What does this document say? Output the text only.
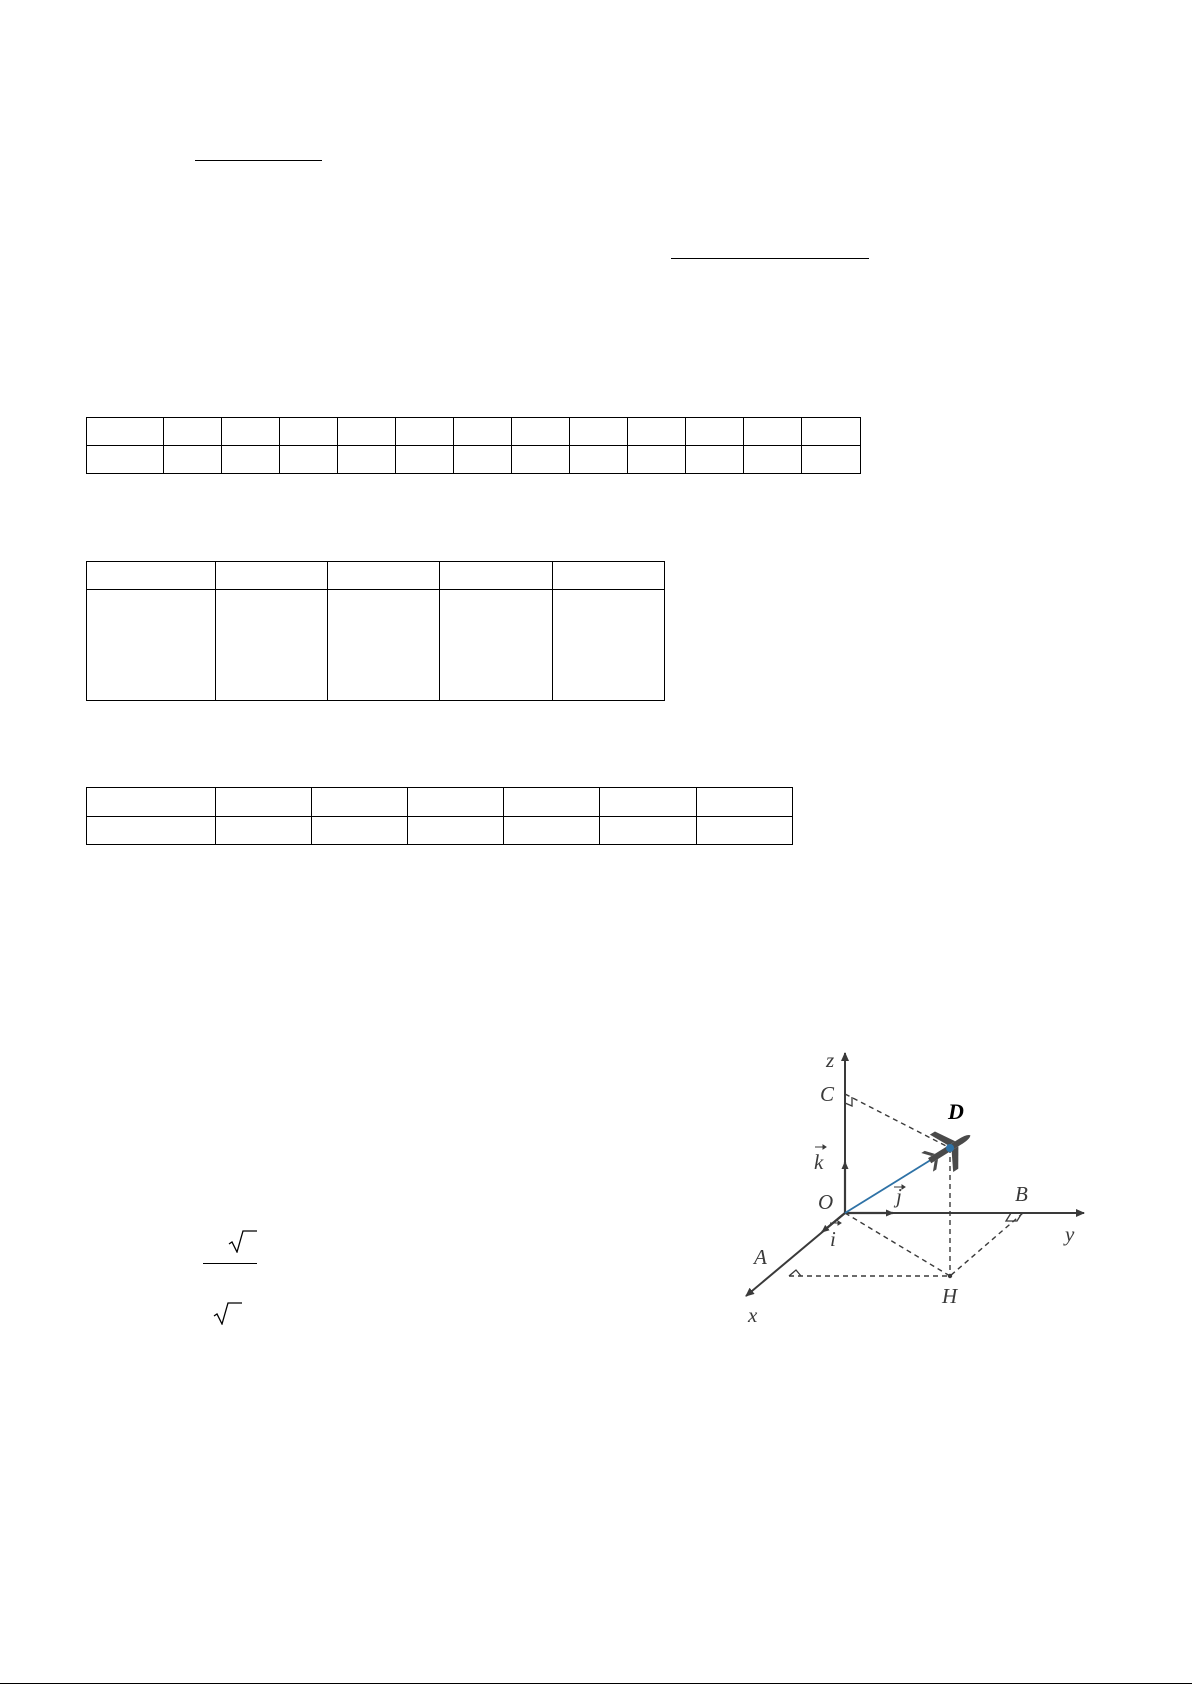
z
C
D
k
O	j	B
y
i
A
H
x
